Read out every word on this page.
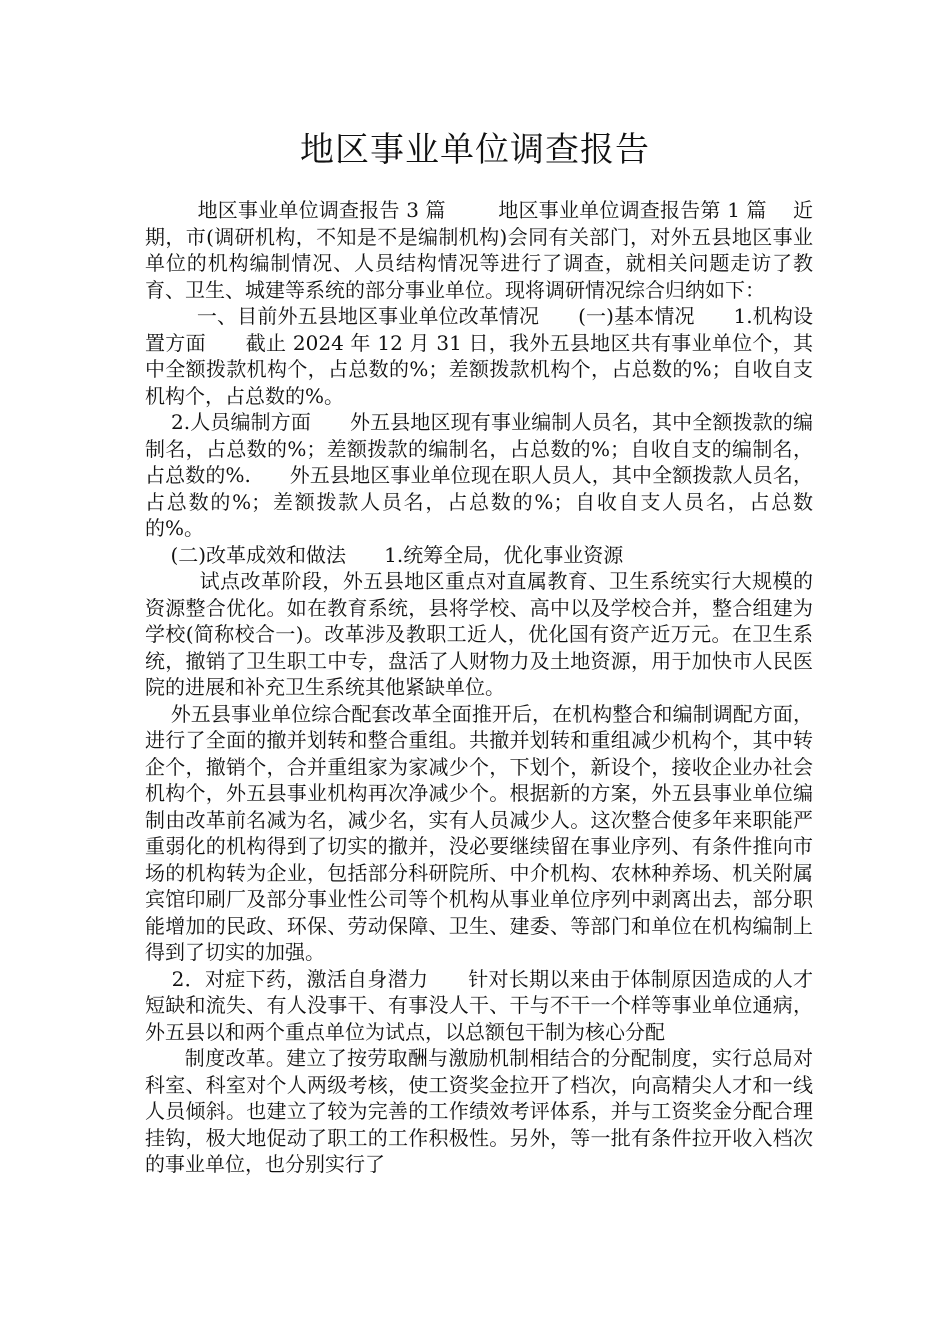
地区事业单位调查报告

地区事业单位调查报告 3 篇        地区事业单位调查报告第 1 篇    近期，市(调研机构，不知是不是编制机构)会同有关部门，对外五县地区事业单位的机构编制情况、人员结构情况等进行了调查，就相关问题走访了教育、卫生、城建等系统的部分事业单位。现将调研情况综合归纳如下：

一、目前外五县地区事业单位改革情况      (一)基本情况      1.机构设置方面      截止 2024 年 12 月 31 日，我外五县地区共有事业单位个，其中全额拨款机构个，占总数的%；差额拨款机构个，占总数的%；自收自支机构个，占总数的%。

2.人员编制方面      外五县地区现有事业编制人员名，其中全额拨款的编制名，占总数的%；差额拨款的编制名，占总数的%；自收自支的编制名，占总数的%.      外五县地区事业单位现在职人员人，其中全额拨款人员名，占总数的%；差额拨款人员名，占总数的%；自收自支人员名，占总数的%。

(二)改革成效和做法      1.统筹全局，优化事业资源

试点改革阶段，外五县地区重点对直属教育、卫生系统实行大规模的资源整合优化。如在教育系统，县将学校、高中以及学校合并，整合组建为学校(简称校合一)。改革涉及教职工近人，优化国有资产近万元。在卫生系统，撤销了卫生职工中专，盘活了人财物力及土地资源，用于加快市人民医院的进展和补充卫生系统其他紧缺单位。

外五县事业单位综合配套改革全面推开后，在机构整合和编制调配方面，进行了全面的撤并划转和整合重组。共撤并划转和重组减少机构个，其中转企个，撤销个，合并重组家为家减少个，下划个，新设个，接收企业办社会机构个，外五县事业机构再次净减少个。根据新的方案，外五县事业单位编制由改革前名减为名，减少名，实有人员减少人。这次整合使多年来职能严重弱化的机构得到了切实的撤并，没必要继续留在事业序列、有条件推向市场的机构转为企业，包括部分科研院所、中介机构、农林种养场、机关附属宾馆印刷厂及部分事业性公司等个机构从事业单位序列中剥离出去，部分职能增加的民政、环保、劳动保障、卫生、建委、等部门和单位在机构编制上得到了切实的加强。

2．对症下药，激活自身潜力      针对长期以来由于体制原因造成的人才短缺和流失、有人没事干、有事没人干、干与不干一个样等事业单位通病，外五县以和两个重点单位为试点，以总额包干制为核心分配

制度改革。建立了按劳取酬与激励机制相结合的分配制度，实行总局对科室、科室对个人两级考核，使工资奖金拉开了档次，向高精尖人才和一线人员倾斜。也建立了较为完善的工作绩效考评体系，并与工资奖金分配合理挂钩，极大地促动了职工的工作积极性。另外，等一批有条件拉开收入档次的事业单位，也分别实行了
